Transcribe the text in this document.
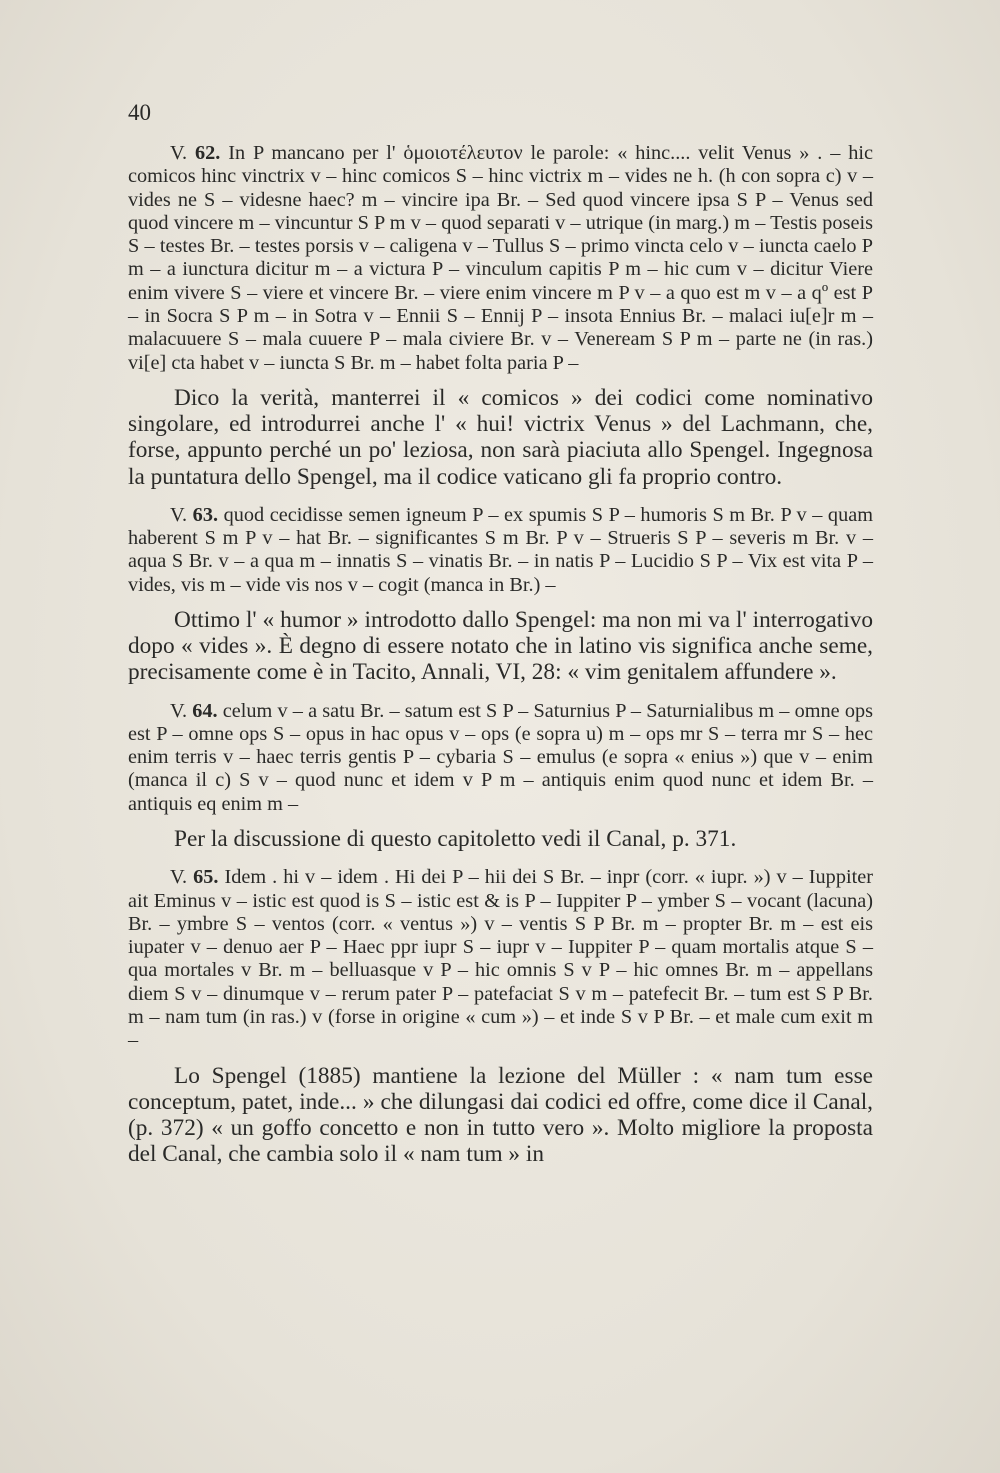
40

V. 62. In P mancano per l' ὁμοιοτέλευτον le parole: « hinc.... velit Venus » . – hic comicos hinc vinctrix v – hinc comicos S – hinc victrix m – vides ne h. (h con sopra c) v – vides ne S – videsne haec? m – vincire ipa Br. – Sed quod vincere ipsa S P – Venus sed quod vincere m – vincuntur S P m v – quod separati v – utrique (in marg.) m – Testis poseis S – testes Br. – testes porsis v – caligena v – Tullus S – primo vincta celo v – iuncta caelo P m – a iunctura dicitur m – a victura P – vinculum capitis P m – hic cum v – dicitur Viere enim vivere S – viere et vincere Br. – viere enim vincere m P v – a quo est m v – a qº est P – in Socra S P m – in Sotra v – Ennii S – Ennij P – insota Ennius Br. – malaci iu[e]r m – malacuuere S – mala cuuere P – mala civiere Br. v – Veneream S P m – parte ne (in ras.) vi[e] cta habet v – iuncta S Br. m – habet folta paria P –

Dico la verità, manterrei il « comicos » dei codici come nominativo singolare, ed introdurrei anche l' « hui! victrix Venus » del Lachmann, che, forse, appunto perché un po' leziosa, non sarà piaciuta allo Spengel. Ingegnosa la puntatura dello Spengel, ma il codice vaticano gli fa proprio contro.

V. 63. quod cecidisse semen igneum P – ex spumis S P – humoris S m Br. P v – quam haberent S m P v – hat Br. – significantes S m Br. P v – Strueris S P – severis m Br. v – aqua S Br. v – a qua m – innatis S – vinatis Br. – in natis P – Lucidio S P – Vix est vita P – vides, vis m – vide vis nos v – cogit (manca in Br.) –

Ottimo l' « humor » introdotto dallo Spengel: ma non mi va l' interrogativo dopo « vides ». È degno di essere notato che in latino vis significa anche seme, precisamente come è in Tacito, Annali, VI, 28: « vim genitalem affundere ».

V. 64. celum v – a satu Br. – satum est S P – Saturnius P – Saturnialibus m – omne ops est P – omne ops S – opus in hac opus v – ops (e sopra u) m – ops mr S – terra mr S – hec enim terris v – haec terris gentis P – cybaria S – emulus (e sopra « enius ») que v – enim (manca il c) S v – quod nunc et idem v P m – antiquis enim quod nunc et idem Br. – antiquis eq enim m –

Per la discussione di questo capitoletto vedi il Canal, p. 371.

V. 65. Idem . hi v – idem . Hi dei P – hii dei S Br. – inpr (corr. « iupr. ») v – Iuppiter ait Eminus v – istic est quod is S – istic est & is P – Iuppiter P – ymber S – vocant (lacuna) Br. – ymbre S – ventos (corr. « ventus ») v – ventis S P Br. m – propter Br. m – est eis iupater v – denuo aer P – Haec ppr iupr S – iupr v – Iuppiter P – quam mortalis atque S – qua mortales v Br. m – belluasque v P – hic omnis S v P – hic omnes Br. m – appellans diem S v – dinumque v – rerum pater P – patefaciat S v m – patefecit Br. – tum est S P Br. m – nam tum (in ras.) v (forse in origine « cum ») – et inde S v P Br. – et male cum exit m –

Lo Spengel (1885) mantiene la lezione del Müller : « nam tum esse conceptum, patet, inde... » che dilungasi dai codici ed offre, come dice il Canal, (p. 372) « un goffo concetto e non in tutto vero ». Molto migliore la proposta del Canal, che cambia solo il « nam tum » in
